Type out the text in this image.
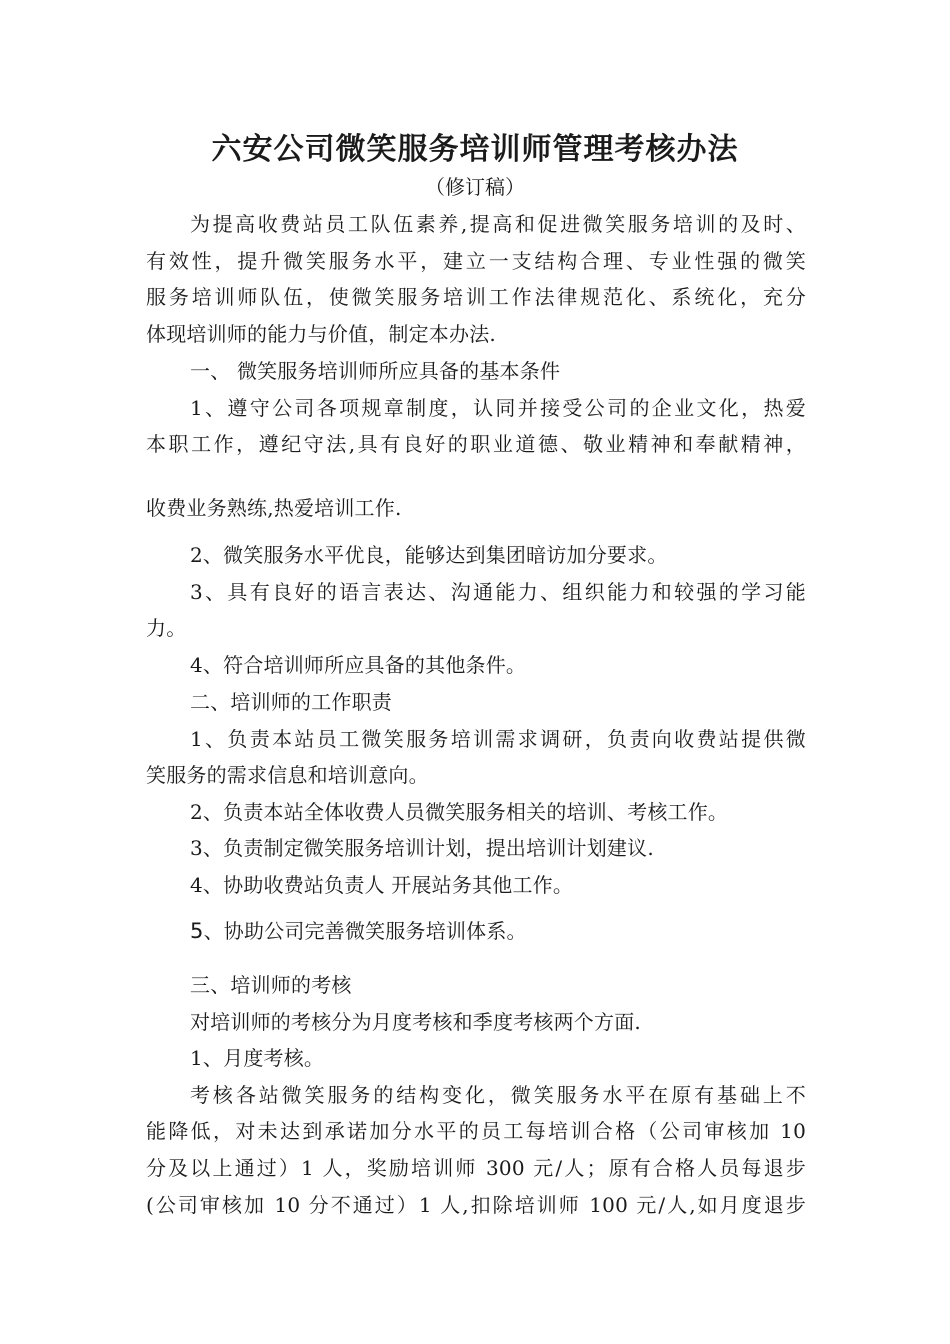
六安公司微笑服务培训师管理考核办法
（修订稿）
为提高收费站员工队伍素养,提高和促进微笑服务培训的及时、
有效性，提升微笑服务水平，建立一支结构合理、专业性强的微笑
服务培训师队伍，使微笑服务培训工作法律规范化、系统化，充分
体现培训师的能力与价值，制定本办法.
一、 微笑服务培训师所应具备的基本条件
1、遵守公司各项规章制度，认同并接受公司的企业文化，热爱
本职工作，遵纪守法,具有良好的职业道德、敬业精神和奉献精神，
收费业务熟练,热爱培训工作.
2、微笑服务水平优良，能够达到集团暗访加分要求。
3、具有良好的语言表达、沟通能力、组织能力和较强的学习能
力。
4、符合培训师所应具备的其他条件。
二、培训师的工作职责
1、负责本站员工微笑服务培训需求调研，负责向收费站提供微
笑服务的需求信息和培训意向。
2、负责本站全体收费人员微笑服务相关的培训、考核工作。
3、负责制定微笑服务培训计划，提出培训计划建议.
4、协助收费站负责人 开展站务其他工作。
5、协助公司完善微笑服务培训体系。
三、培训师的考核
对培训师的考核分为月度考核和季度考核两个方面.
1、月度考核。
考核各站微笑服务的结构变化，微笑服务水平在原有基础上不
能降低，对未达到承诺加分水平的员工每培训合格（公司审核加 10
分及以上通过）1 人，奖励培训师 300 元/人；原有合格人员每退步
(公司审核加 10 分不通过）1 人,扣除培训师 100 元/人,如月度退步
